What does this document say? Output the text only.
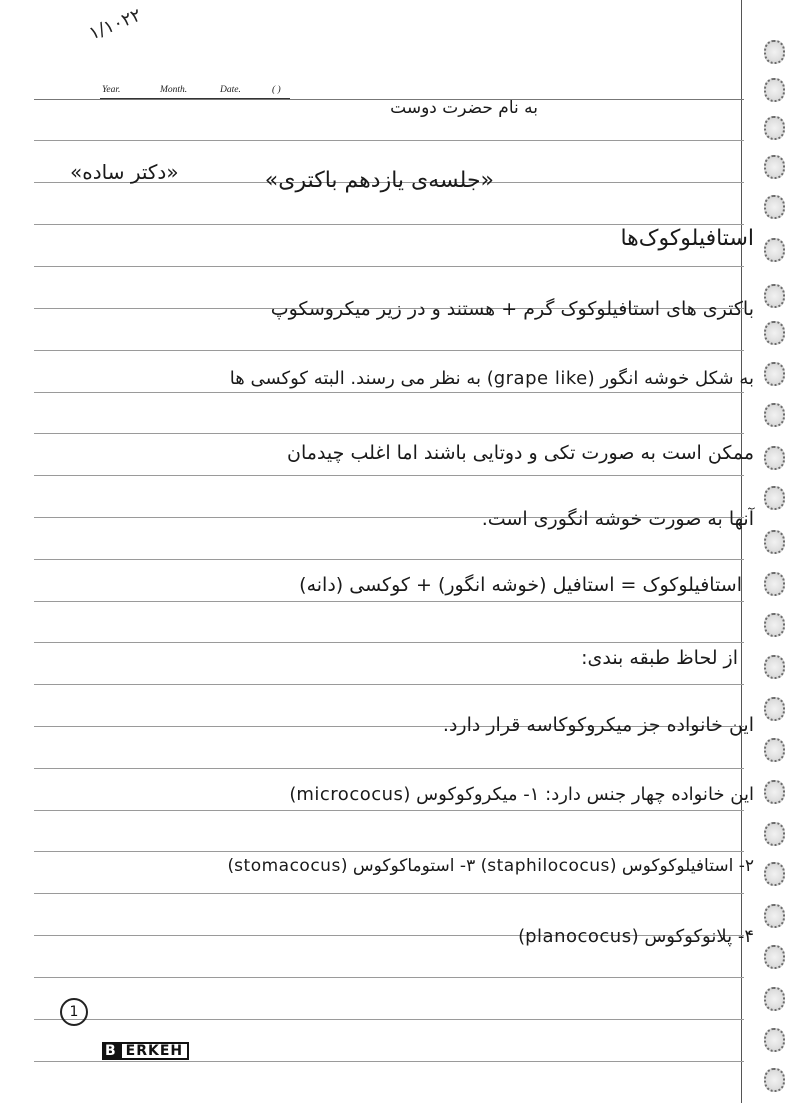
۱/۱۰۲۲
Year.	Month.	Date.	( )
به نام حضرت دوست
«جلسه‌ی یازدهم باکتری»
«دکتر ساده»
استافیلوکوک‌ها
باکتری های استافیلوکوک گرم + هستند و در زیر میکروسکوپ
به شکل خوشه انگور (grape like) به نظر می رسند. البته کوکسی ها
ممکن است به صورت تکی و دوتایی باشند اما اغلب چیدمان
آنها به صورت خوشه انگوری است.
استافیلوکوک = استافیل (خوشه انگور) + کوکسی (دانه)
از لحاظ طبقه بندی:
این خانواده جز میکروکوکاسه قرار دارد.
این خانواده چهار جنس دارد: ۱- میکروکوکوس (micrococus)
۲- استافیلوکوکوس (staphilococus) ۳- استوماکوکوس (stomacocus)
۴- پلانوکوکوس (planococus)
1
B ERKEH
